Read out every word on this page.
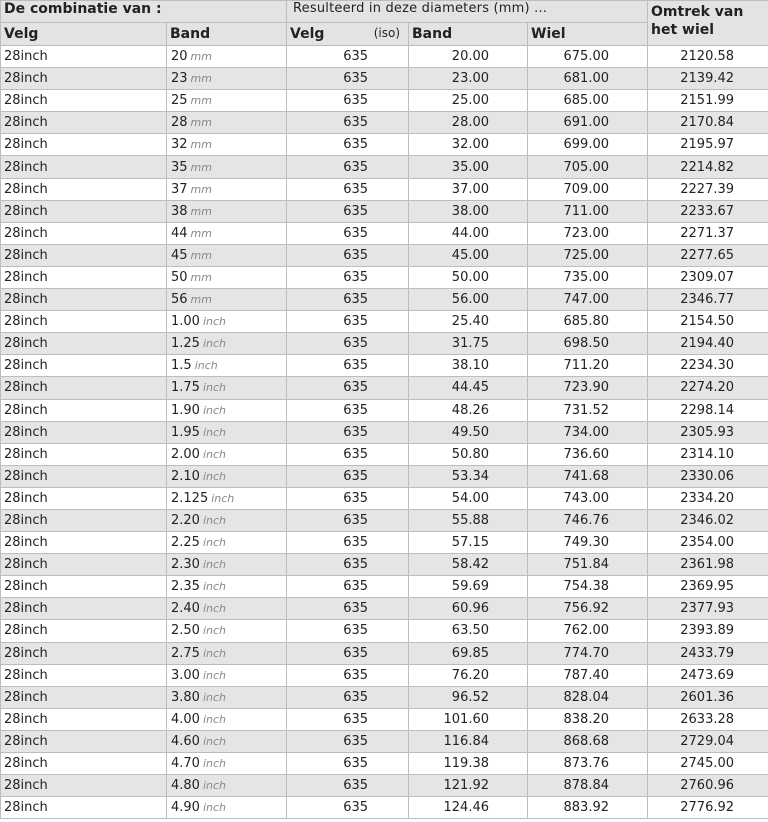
De combinatie van :		Resulteerd in deze diameters (mm) ...			Omtrek van het wiel
Velg	Band	Velg (iso)	Band	Wiel	
28inch	20 mm	635	20.00	675.00	2120.58
28inch	23 mm	635	23.00	681.00	2139.42
28inch	25 mm	635	25.00	685.00	2151.99
28inch	28 mm	635	28.00	691.00	2170.84
28inch	32 mm	635	32.00	699.00	2195.97
28inch	35 mm	635	35.00	705.00	2214.82
28inch	37 mm	635	37.00	709.00	2227.39
28inch	38 mm	635	38.00	711.00	2233.67
28inch	44 mm	635	44.00	723.00	2271.37
28inch	45 mm	635	45.00	725.00	2277.65
28inch	50 mm	635	50.00	735.00	2309.07
28inch	56 mm	635	56.00	747.00	2346.77
28inch	1.00 inch	635	25.40	685.80	2154.50
28inch	1.25 inch	635	31.75	698.50	2194.40
28inch	1.5 inch	635	38.10	711.20	2234.30
28inch	1.75 inch	635	44.45	723.90	2274.20
28inch	1.90 inch	635	48.26	731.52	2298.14
28inch	1.95 inch	635	49.50	734.00	2305.93
28inch	2.00 inch	635	50.80	736.60	2314.10
28inch	2.10 inch	635	53.34	741.68	2330.06
28inch	2.125 inch	635	54.00	743.00	2334.20
28inch	2.20 inch	635	55.88	746.76	2346.02
28inch	2.25 inch	635	57.15	749.30	2354.00
28inch	2.30 inch	635	58.42	751.84	2361.98
28inch	2.35 inch	635	59.69	754.38	2369.95
28inch	2.40 inch	635	60.96	756.92	2377.93
28inch	2.50 inch	635	63.50	762.00	2393.89
28inch	2.75 inch	635	69.85	774.70	2433.79
28inch	3.00 inch	635	76.20	787.40	2473.69
28inch	3.80 inch	635	96.52	828.04	2601.36
28inch	4.00 inch	635	101.60	838.20	2633.28
28inch	4.60 inch	635	116.84	868.68	2729.04
28inch	4.70 inch	635	119.38	873.76	2745.00
28inch	4.80 inch	635	121.92	878.84	2760.96
28inch	4.90 inch	635	124.46	883.92	2776.92
